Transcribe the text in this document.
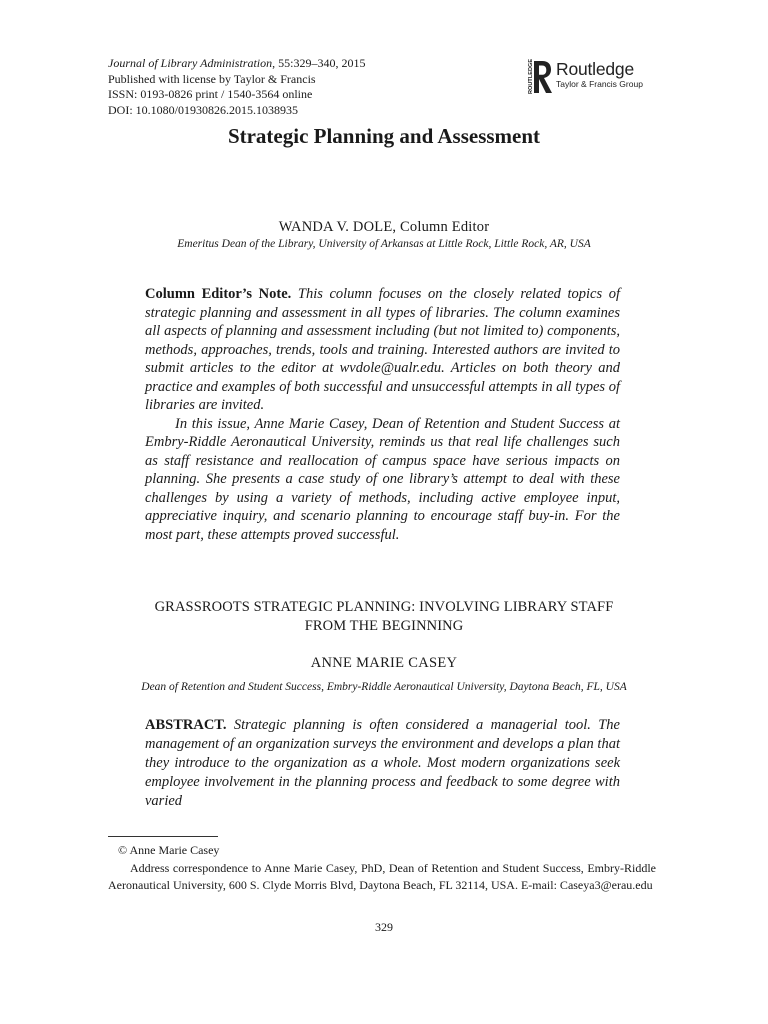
Journal of Library Administration, 55:329–340, 2015
Published with license by Taylor & Francis
ISSN: 0193-0826 print / 1540-3564 online
DOI: 10.1080/01930826.2015.1038935
ROUTLEDGE Routledge
Taylor & Francis Group
Strategic Planning and Assessment
WANDA V. DOLE, Column Editor
Emeritus Dean of the Library, University of Arkansas at Little Rock, Little Rock, AR, USA

Column Editor’s Note. This column focuses on the closely related topics of strategic planning and assessment in all types of libraries. The column examines all aspects of planning and assessment including (but not limited to) components, methods, approaches, trends, tools and training. Interested authors are invited to submit articles to the editor at wvdole@ualr.edu. Articles on both theory and practice and examples of both successful and unsuccessful attempts in all types of libraries are invited.

In this issue, Anne Marie Casey, Dean of Retention and Student Success at Embry-Riddle Aeronautical University, reminds us that real life challenges such as staff resistance and reallocation of campus space have serious impacts on planning. She presents a case study of one library’s attempt to deal with these challenges by using a variety of methods, including active employee input, appreciative inquiry, and scenario planning to encourage staff buy-in. For the most part, these attempts proved successful.

GRASSROOTS STRATEGIC PLANNING: INVOLVING LIBRARY STAFF
FROM THE BEGINNING
ANNE MARIE CASEY
Dean of Retention and Student Success, Embry-Riddle Aeronautical University, Daytona Beach, FL, USA
ABSTRACT. Strategic planning is often considered a managerial tool. The management of an organization surveys the environment and develops a plan that they introduce to the organization as a whole. Most modern organizations seek employee involvement in the planning process and feedback to some degree with varied
© Anne Marie Casey
Address correspondence to Anne Marie Casey, PhD, Dean of Retention and Student Success, Embry-Riddle Aeronautical University, 600 S. Clyde Morris Blvd, Daytona Beach, FL 32114, USA. E-mail: Caseya3@erau.edu
329
